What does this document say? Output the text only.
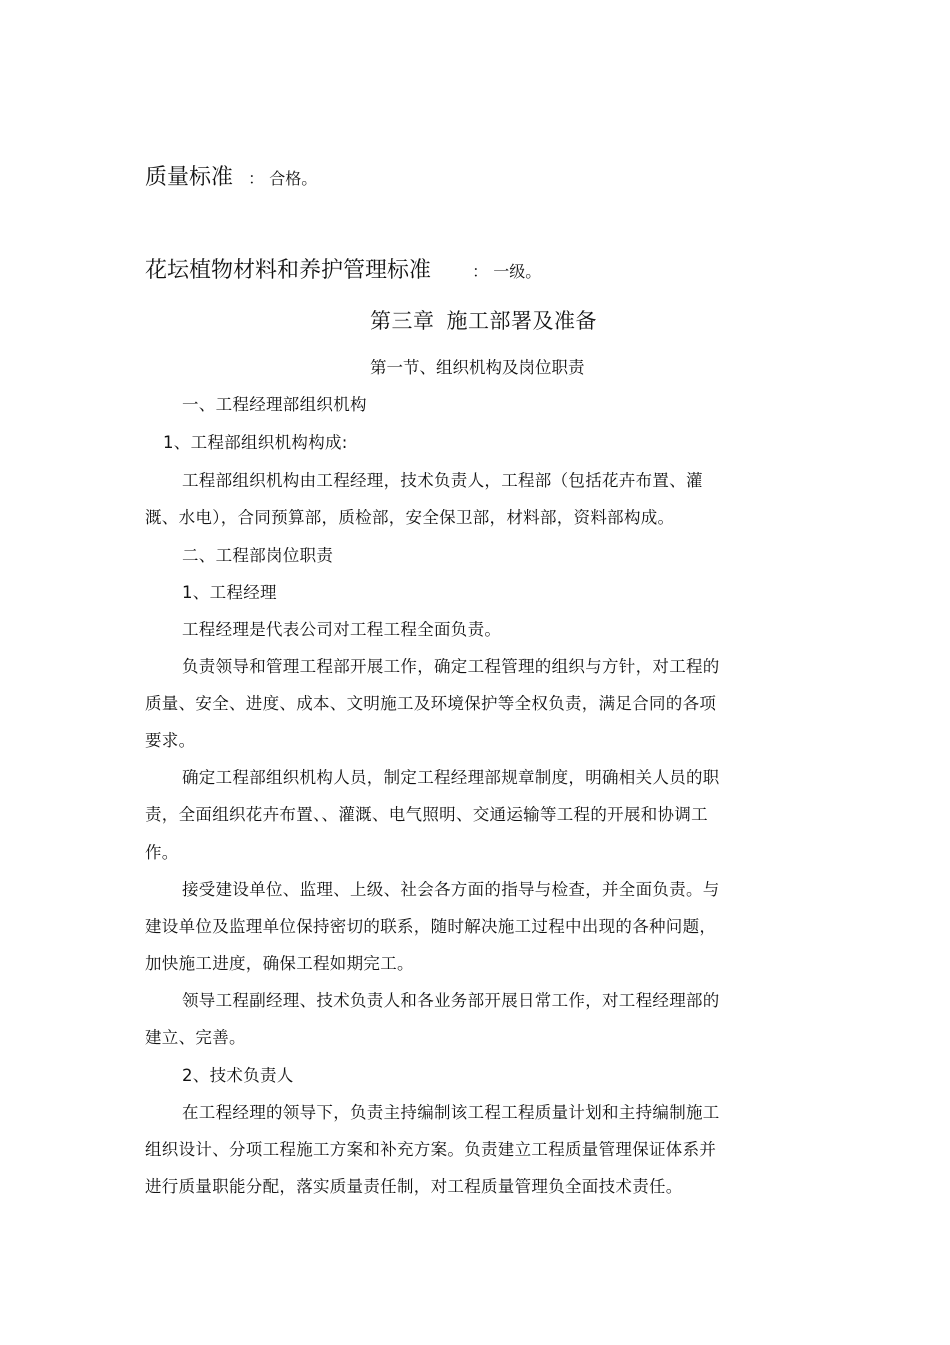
质量标准 ： 合格。
花坛植物材料和养护管理标准	： 一级。
第三章 施工部署及准备
第一节、组织机构及岗位职责
一、工程经理部组织机构
1、工程部组织机构构成:
工程部组织机构由工程经理，技术负责人，工程部（包括花卉布置、灌
溉、水电），合同预算部，质检部，安全保卫部，材料部，资料部构成。
二、工程部岗位职责
1、工程经理
工程经理是代表公司对工程工程全面负责。
负责领导和管理工程部开展工作，确定工程管理的组织与方针，对工程的
质量、安全、进度、成本、文明施工及环境保护等全权负责，满足合同的各项
要求。
确定工程部组织机构人员，制定工程经理部规章制度，明确相关人员的职
责，全面组织花卉布置、、灌溉、电气照明、交通运输等工程的开展和协调工
作。
接受建设单位、监理、上级、社会各方面的指导与检查，并全面负责。与
建设单位及监理单位保持密切的联系，随时解决施工过程中出现的各种问题，
加快施工进度，确保工程如期完工。
领导工程副经理、技术负责人和各业务部开展日常工作，对工程经理部的
建立、完善。
2、技术负责人
在工程经理的领导下，负责主持编制该工程工程质量计划和主持编制施工
组织设计、分项工程施工方案和补充方案。负责建立工程质量管理保证体系并
进行质量职能分配，落实质量责任制，对工程质量管理负全面技术责任。
